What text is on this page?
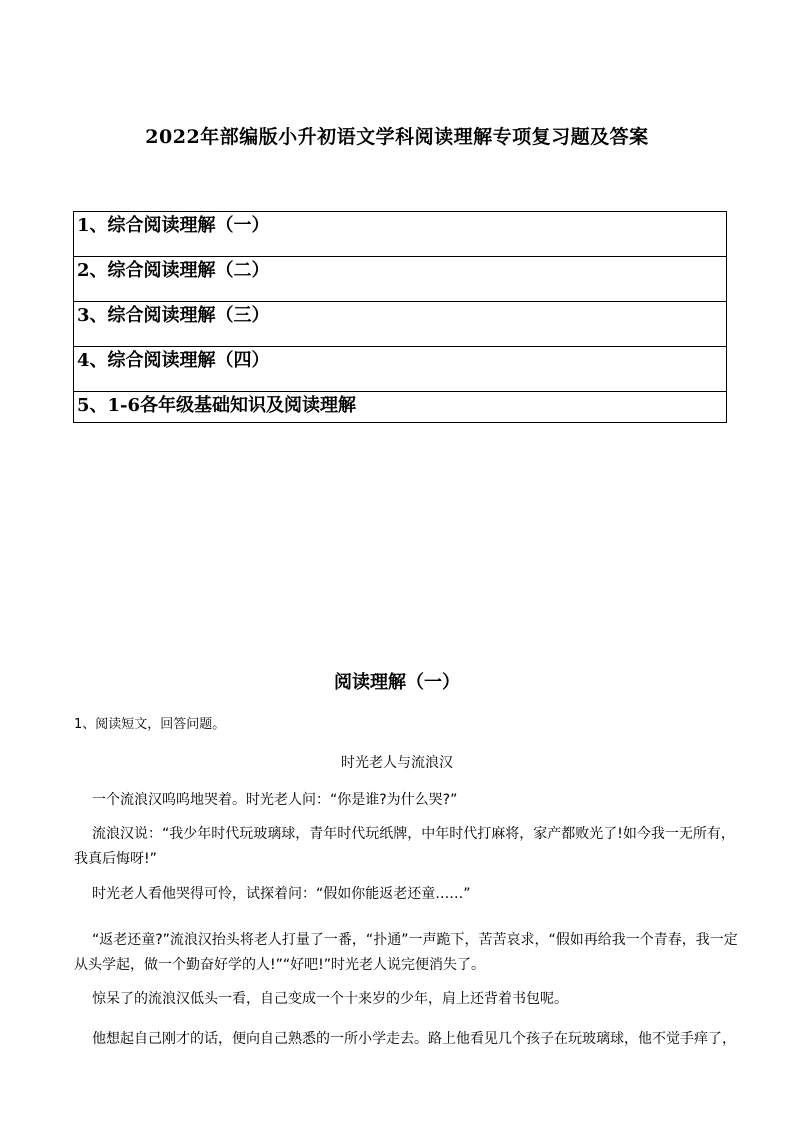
2022年部编版小升初语文学科阅读理解专项复习题及答案
1、综合阅读理解（一）
2、综合阅读理解（二）
3、综合阅读理解（三）
4、综合阅读理解（四）
5、1-6各年级基础知识及阅读理解
阅读理解（一）
1、阅读短文，回答问题。
时光老人与流浪汉
一个流浪汉呜呜地哭着。时光老人问：“你是谁?为什么哭?”
流浪汉说：“我少年时代玩玻璃球，青年时代玩纸牌，中年时代打麻将，家产都败光了!如今我一无所有，我真后悔呀!”
时光老人看他哭得可怜，试探着问：“假如你能返老还童……”
“返老还童?”流浪汉抬头将老人打量了一番，“扑通”一声跪下，苦苦哀求，“假如再给我一个青春，我一定从头学起，做一个勤奋好学的人!”“好吧!”时光老人说完便消失了。
惊呆了的流浪汉低头一看，自己变成一个十来岁的少年，肩上还背着书包呢。
他想起自己刚才的话，便向自己熟悉的一所小学走去。路上他看见几个孩子在玩玻璃球，他不觉手痒了，
